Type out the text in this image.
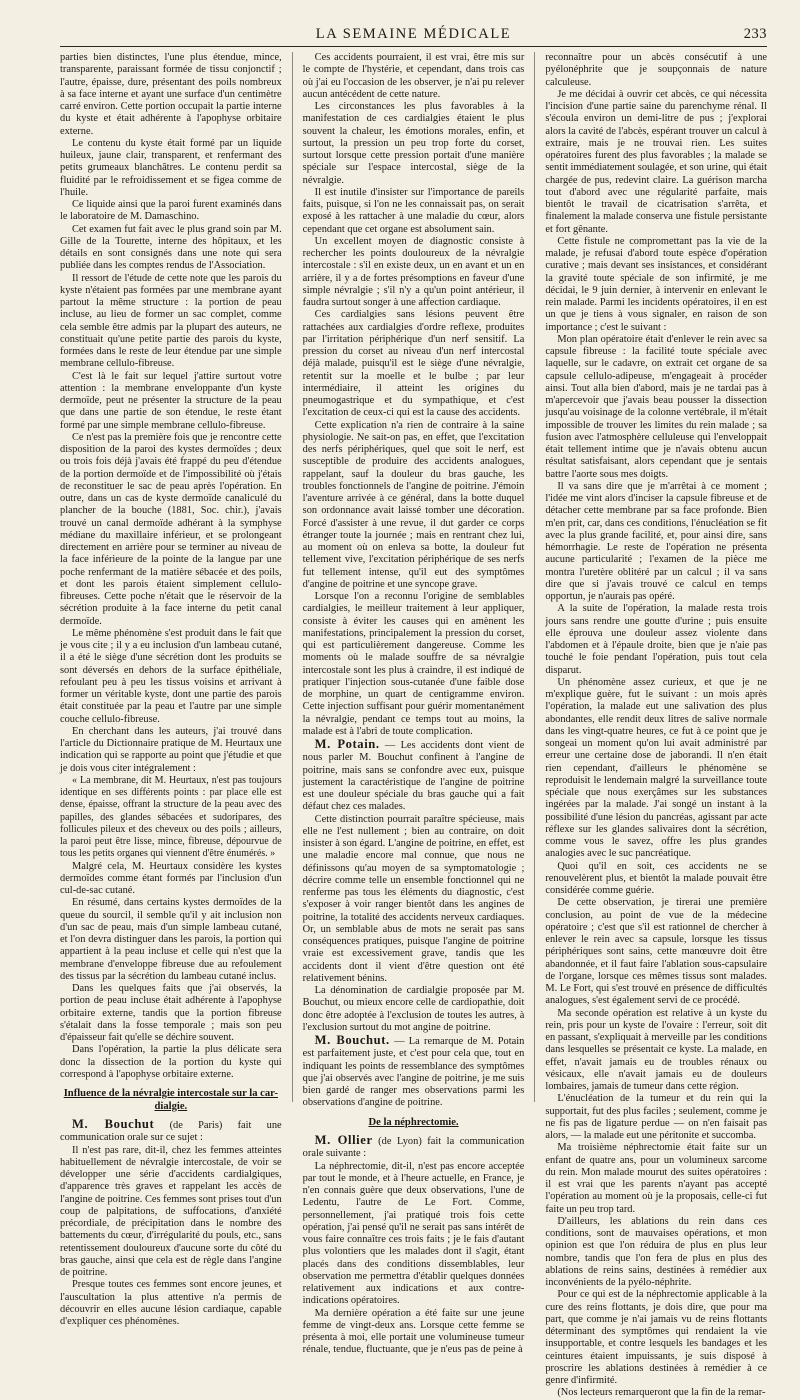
LA SEMAINE MÉDICALE	233

parties bien distinctes, l'une plus étendue, mince, transparente, paraissant formée de tissu conjonctif ; l'autre, épaisse, dure, présentant des poils nombreux à sa face interne et ayant une surface d'un centimètre carré environ. Cette portion occupait la partie interne du kyste et était adhérente à l'apophyse orbitaire externe.

Le contenu du kyste était formé par un liquide huileux, jaune clair, transparent, et renfermant des petits grumeaux blanchâtres. Le contenu perdit sa fluidité par le refroidissement et se figea comme de l'huile.

Ce liquide ainsi que la paroi furent examinés dans le laboratoire de M. Damaschino.

Cet examen fut fait avec le plus grand soin par M. Gille de la Tourette, interne des hôpitaux, et les détails en sont consignés dans une note qui sera publiée dans les comptes rendus de l'Association.

Il ressort de l'étude de cette note que les parois du kyste n'étaient pas formées par une membrane ayant partout la même structure : la portion de peau incluse, au lieu de former un sac complet, comme cela semble être admis par la plupart des auteurs, ne constituait qu'une petite partie des parois du kyste, formées dans le reste de leur étendue par une simple membrane cellulo-fibreuse.

C'est là le fait sur lequel j'attire surtout votre attention : la membrane enveloppante d'un kyste dermoïde, peut ne présenter la structure de la peau que dans une partie de son étendue, le reste étant formé par une simple membrane cellulo-fibreuse.

Ce n'est pas la première fois que je rencontre cette disposition de la paroi des kystes dermoïdes ; deux ou trois fois déjà j'avais été frappé du peu d'étendue de la portion dermoïde et de l'impossibilité où j'étais de reconstituer le sac de peau après l'opération. En outre, dans un cas de kyste dermoïde canaliculé du plancher de la bouche (1881, Soc. chir.), j'avais trouvé un canal dermoïde adhérant à la symphyse médiane du maxillaire inférieur, et se prolongeant directement en arrière pour se terminer au niveau de la face inférieure de la pointe de la langue par une poche renfermant de la matière sébacée et des poils, et dont les parois étaient simplement cellulo-fibreuses. Cette poche n'était que le réservoir de la sécrétion produite à la face interne du petit canal dermoïde.

Le même phénomène s'est produit dans le fait que je vous cite ; il y a eu inclusion d'un lambeau cutané, il a été le siège d'une sécrétion dont les produits se sont déversés en dehors de la surface épithéliale, refoulant peu à peu les tissus voisins et arrivant à former un véritable kyste, dont une partie des parois était constituée par la peau et l'autre par une simple couche cellulo-fibreuse.

En cherchant dans les auteurs, j'ai trouvé dans l'article du Dictionnaire pratique de M. Heurtaux une indication qui se rapporte au point que j'étudie et que je dois vous citer intégralement :

« La membrane, dit M. Heurtaux, n'est pas toujours identique en ses différents points : par place elle est dense, épaisse, offrant la structure de la peau avec des papilles, des glandes sébacées et sudoripares, des follicules pileux et des cheveux ou des poils ; ailleurs, la paroi peut être lisse, mince, fibreuse, dépourvue de tous les petits organes qui viennent d'être énumérés. »

Malgré cela, M. Heurtaux considère les kystes dermoïdes comme étant formés par l'inclusion d'un cul-de-sac cutané.

En résumé, dans certains kystes dermoïdes de la queue du sourcil, il semble qu'il y ait inclusion non d'un sac de peau, mais d'un simple lambeau cutané, et l'on devra distinguer dans les parois, la portion qui appartient à la peau incluse et celle qui n'est que la membrane d'enveloppe fibreuse due au refoulement des tissus par la sécrétion du lambeau cutané inclus.

Dans les quelques faits que j'ai observés, la portion de peau incluse était adhérente à l'apophyse orbitaire externe, tandis que la portion fibreuse s'étalait dans la fosse temporale ; mais son peu d'épaisseur fait qu'elle se déchire souvent.

Dans l'opération, la partie la plus délicate sera donc la dissection de la portion du kyste qui correspond à l'apophyse orbitaire externe.

Influence de la névralgie intercostale sur la car-
dialgie.

M. Bouchut (de Paris) fait une communication orale sur ce sujet :

Il n'est pas rare, dit-il, chez les femmes atteintes habituellement de névralgie intercostale, de voir se développer une série d'accidents cardialgiques, d'apparence très graves et rappelant les accès de l'angine de poitrine. Ces femmes sont prises tout d'un coup de palpitations, de suffocations, d'anxiété précordiale, de précipitation dans le nombre des battements du cœur, d'irrégularité du pouls, etc., sans retentissement douloureux d'aucune sorte du côté du bras gauche, ainsi que cela est de règle dans l'angine de poitrine.

Presque toutes ces femmes sont encore jeunes, et l'auscultation la plus attentive n'a permis de découvrir en elles aucune lésion cardiaque, capable d'expliquer ces phénomènes.

Ces accidents pourraient, il est vrai, être mis sur le compte de l'hystérie, et cependant, dans trois cas où j'ai eu l'occasion de les observer, je n'ai pu relever aucun antécédent de cette nature.

Les circonstances les plus favorables à la manifestation de ces cardialgies étaient le plus souvent la chaleur, les émotions morales, enfin, et surtout, la pression un peu trop forte du corset, surtout lorsque cette pression portait d'une manière spéciale sur l'espace intercostal, siège de la névralgie.

Il est inutile d'insister sur l'importance de pareils faits, puisque, si l'on ne les connaissait pas, on serait exposé à les rattacher à une maladie du cœur, alors cependant que cet organe est absolument sain.

Un excellent moyen de diagnostic consiste à rechercher les points douloureux de la névralgie intercostale : s'il en existe deux, un en avant et un en arrière, il y a de fortes présomptions en faveur d'une simple névralgie ; s'il n'y a qu'un point antérieur, il faudra surtout songer à une affection cardiaque.

Ces cardialgies sans lésions peuvent être rattachées aux cardialgies d'ordre reflexe, produites par l'irritation périphérique d'un nerf sensitif. La pression du corset au niveau d'un nerf intercostal déjà malade, puisqu'il est le siège d'une névralgie, retentit sur la moelle et le bulbe ; par leur intermédiaire, il atteint les origines du pneumogastrique et du sympathique, et c'est l'excitation de ceux-ci qui est la cause des accidents.

Cette explication n'a rien de contraire à la saine physiologie. Ne sait-on pas, en effet, que l'excitation des nerfs périphériques, quel que soit le nerf, est susceptible de produire des accidents analogues, rappelant, sauf la douleur du bras gauche, les troubles fonctionnels de l'angine de poitrine. J'émoin l'aventure arrivée à ce général, dans la botte duquel son ordonnance avait laissé tomber une décoration. Forcé d'assister à une revue, il dut garder ce corps étranger toute la journée ; mais en rentrant chez lui, au moment où on enleva sa botte, la douleur fut tellement vive, l'excitation périphérique de ses nerfs fut tellement intense, qu'il eut des symptômes d'angine de poitrine et une syncope grave.

Lorsque l'on a reconnu l'origine de semblables cardialgies, le meilleur traitement à leur appliquer, consiste à éviter les causes qui en amènent les manifestations, principalement la pression du corset, qui est particulièrement dangereuse. Comme les moments où le malade souffre de sa névralgie intercostale sont les plus à craindre, il est indiqué de pratiquer l'injection sous-cutanée d'une faible dose de morphine, un quart de centigramme environ. Cette injection suffisant pour guérir momentanément la névralgie, pendant ce temps tout au moins, la malade est à l'abri de toute complication.

M. Potain. — Les accidents dont vient de nous parler M. Bouchut confinent à l'angine de poitrine, mais sans se confondre avec eux, puisque justement la caractéristique de l'angine de poitrine est une douleur spéciale du bras gauche qui a fait défaut chez ces malades.

Cette distinction pourrait paraître spécieuse, mais elle ne l'est nullement ; bien au contraire, on doit insister à son égard. L'angine de poitrine, en effet, est une maladie encore mal connue, que nous ne définissons qu'au moyen de sa symptomatologie ; décrire comme telle un ensemble fonctionnel qui ne renferme pas tous les éléments du diagnostic, c'est s'exposer à voir ranger bientôt dans les angines de poitrine, la totalité des accidents nerveux cardiaques. Or, un semblable abus de mots ne serait pas sans conséquences pratiques, puisque l'angine de poitrine vraie est excessivement grave, tandis que les accidents dont il vient d'être question ont été relativement bénins.

La dénomination de cardialgie proposée par M. Bouchut, ou mieux encore celle de cardiopathie, doit donc être adoptée à l'exclusion de toutes les autres, à l'exclusion surtout du mot angine de poitrine.

M. Bouchut. — La remarque de M. Potain est parfaitement juste, et c'est pour cela que, tout en indiquant les points de ressemblance des symptômes que j'ai observés avec l'angine de poitrine, je me suis bien gardé de ranger mes observations parmi les observations d'angine de poitrine.

De la néphrectomie.

M. Ollier (de Lyon) fait la communication orale suivante :

La néphrectomie, dit-il, n'est pas encore acceptée par tout le monde, et à l'heure actuelle, en France, je n'en connais guère que deux observations, l'une de Ledentu, l'autre de Le Fort. Comme, personnellement, j'ai pratiqué trois fois cette opération, j'ai pensé qu'il ne serait pas sans intérêt de vous faire connaître ces trois faits ; je le fais d'autant plus volontiers que les malades dont il s'agit, étant placés dans des conditions dissemblables, leur observation me permettra d'établir quelques données relativement aux indications et aux contre-indications opératoires.

Ma dernière opération a été faite sur une jeune femme de vingt-deux ans. Lorsque cette femme se présenta à moi, elle portait une volumineuse tumeur rénale, tendue, fluctuante, que je n'eus pas de peine à

reconnaître pour un abcès consécutif à une pyélonéphrite que je soupçonnais de nature calculeuse.

Je me décidai à ouvrir cet abcès, ce qui nécessita l'incision d'une partie saine du parenchyme rénal. Il s'écoula environ un demi-litre de pus ; j'explorai alors la cavité de l'abcès, espérant trouver un calcul à extraire, mais je ne trouvai rien. Les suites opératoires furent des plus favorables ; la malade se sentit immédiatement soulagée, et son urine, qui était chargée de pus, redevint claire. La guérison marcha tout d'abord avec une régularité parfaite, mais bientôt le travail de cicatrisation s'arrêta, et finalement la malade conserva une fistule persistante et fort gênante.

Cette fistule ne compromettant pas la vie de la malade, je refusai d'abord toute espèce d'opération curative ; mais devant ses insistances, et considérant la gravité toute spéciale de son infirmité, je me décidai, le 9 juin dernier, à intervenir en enlevant le rein malade. Parmi les incidents opératoires, il en est un que je tiens à vous signaler, en raison de son importance ; c'est le suivant :

Mon plan opératoire était d'enlever le rein avec sa capsule fibreuse : la facilité toute spéciale avec laquelle, sur le cadavre, on extrait cet organe de sa capsule cellulo-adipeuse, m'engageait à procéder ainsi. Tout alla bien d'abord, mais je ne tardai pas à m'apercevoir que j'avais beau pousser la dissection jusqu'au voisinage de la colonne vertébrale, il m'était impossible de trouver les limites du rein malade ; sa fusion avec l'atmosphère celluleuse qui l'enveloppait était tellement intime que je n'avais obtenu aucun résultat satisfaisant, alors cependant que je sentais battre l'aorte sous mes doigts.

Il va sans dire que je m'arrêtai à ce moment ; l'idée me vint alors d'inciser la capsule fibreuse et de détacher cette membrane par sa face profonde. Bien m'en prit, car, dans ces conditions, l'énucléation se fit avec la plus grande facilité, et, pour ainsi dire, sans hémorrhagie. Le reste de l'opération ne présenta aucune particularité ; l'examen de la pièce me montra l'uretère oblitéré par un calcul ; il va sans dire que si j'avais trouvé ce calcul en temps opportun, je n'aurais pas opéré.

A la suite de l'opération, la malade resta trois jours sans rendre une goutte d'urine ; puis ensuite elle éprouva une douleur assez violente dans l'abdomen et à l'épaule droite, bien que je n'aie pas touché le foie pendant l'opération, puis tout cela disparut.

Un phénomène assez curieux, et que je ne m'explique guère, fut le suivant : un mois après l'opération, la malade eut une salivation des plus abondantes, elle rendit deux litres de salive normale dans les vingt-quatre heures, ce fut à ce point que je songeai un moment qu'on lui avait administré par erreur une certaine dose de jaborandi. Il n'en était rien cependant, d'ailleurs le phénomène se reproduisit le lendemain malgré la surveillance toute spéciale que nous exerçâmes sur les substances ingérées par la malade. J'ai songé un instant à la possibilité d'une lésion du pancréas, agissant par acte réflexe sur les glandes salivaires dont la sécrétion, comme vous le savez, offre les plus grandes analogies avec le suc pancréatique.

Quoi qu'il en soit, ces accidents ne se renouvelèrent plus, et bientôt la malade pouvait être considérée comme guérie.

De cette observation, je tirerai une première conclusion, au point de vue de la médecine opératoire ; c'est que s'il est rationnel de chercher à enlever le rein avec sa capsule, lorsque les tissus périphériques sont sains, cette manœuvre doit être abandonnée, et il faut faire l'ablation sous-capsulaire de l'organe, lorsque ces mêmes tissus sont malades. M. Le Fort, qui s'est trouvé en présence de difficultés analogues, s'est également servi de ce procédé.

Ma seconde opération est relative à un kyste du rein, pris pour un kyste de l'ovaire : l'erreur, soit dit en passant, s'expliquait à merveille par les conditions dans lesquelles se présentait ce kyste. La malade, en effet, n'avait jamais eu de troubles rénaux ou vésicaux, elle n'avait jamais eu de douleurs lombaires, jamais de tumeur dans cette région.

L'énucléation de la tumeur et du rein qui la supportait, fut des plus faciles ; seulement, comme je ne fis pas de ligature perdue — on n'en faisait pas alors, — la malade eut une péritonite et succomba.

Ma troisième néphrectomie était faite sur un enfant de quatre ans, pour un volumineux sarcome du rein. Mon malade mourut des suites opératoires : il est vrai que les parents n'ayant pas accepté l'opération au moment où je la proposais, celle-ci fut faite un peu trop tard.

D'ailleurs, les ablations du rein dans ces conditions, sont de mauvaises opérations, et mon opinion est que l'on réduira de plus en plus leur nombre, tandis que l'on fera de plus en plus des ablations de reins sains, destinées à remédier aux inconvénients de la pyélo-néphrite.

Pour ce qui est de la néphrectomie applicable à la cure des reins flottants, je dois dire, que pour ma part, que comme je n'ai jamais vu de reins flottants déterminant des symptômes qui rendaient la vie insupportable, et contre lesquels les bandages et les ceintures étaient impuissants, je suis disposé à proscrire les ablations destinées à remédier à ce genre d'infirmité.

(Nos lecteurs remarqueront que la fin de la remar-
